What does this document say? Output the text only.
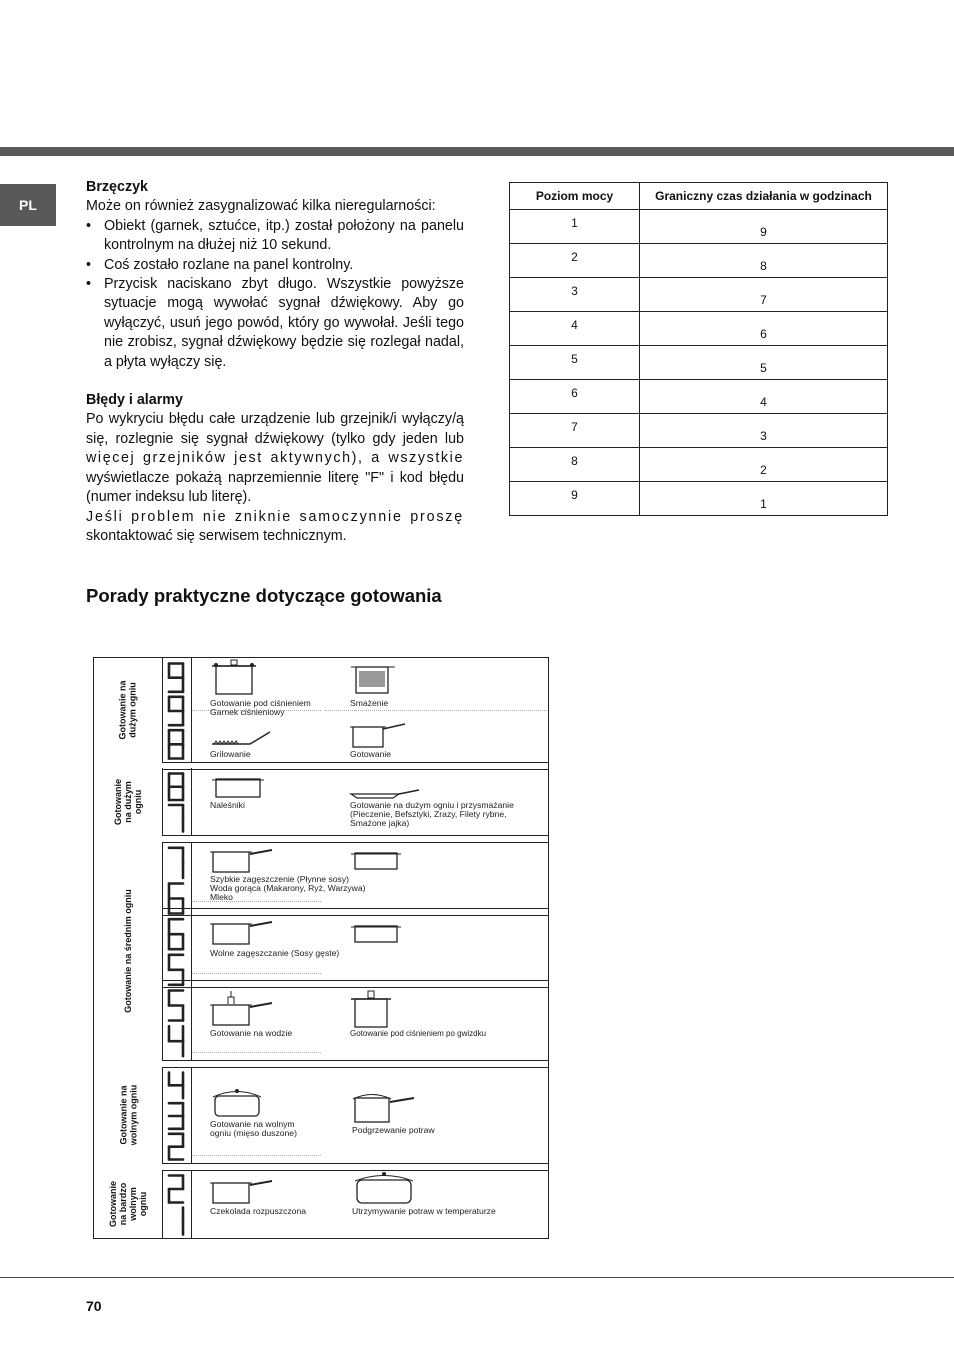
PL
Brzęczyk

Może on również zasygnalizować kilka nieregularności:

• Obiekt (garnek, sztućce, itp.) został położony na panelu kontrolnym na dłużej niż 10 sekund.
• Coś zostało rozlane na panel kontrolny.
• Przycisk naciskano zbyt długo. Wszystkie powyższe sytuacje mogą wywołać sygnał dźwiękowy. Aby go wyłączyć, usuń jego powód, który go wywołał. Jeśli tego nie zrobisz, sygnał dźwiękowy będzie się rozlegał nadal, a płyta wyłączy się.
Błędy i alarmy

Po wykryciu błędu całe urządzenie lub grzejnik/i wyłączy/ą się, rozlegnie się sygnał dźwiękowy (tylko gdy jeden lub więcej grzejników jest aktywnych), a wszystkie wyświetlacze pokażą naprzemiennie literę "F" i kod błędu (numer indeksu lub literę).

Jeśli problem nie zniknie samoczynnie proszę skontaktować się serwisem technicznym.

Poziom mocy	Graniczny czas działania w godzinach
1	9
2	8
3	7
4	6
5	5
6	4
7	3
8	2
9	1
Porady praktyczne dotyczące gotowania
Gotowanie na
dużym ogniu
Gotowanie
na dużym
ogniu
Gotowanie na średnim ogniu
Gotowanie na
wolnym ogniu
Gotowanie
na bardzo
wolnym
ogniu
Gotowanie pod ciśnieniem
Garnek ciśnieniowy
Smażenie
Grilowanie	Gotowanie
Naleśniki	Gotowanie na dużym ogniu i przysmażanie
(Pieczenie, Befsztyki, Zrazy, Filety rybne,
Smażone jajka)
Szybkie zagęszczenie (Płynne sosy)
Woda gorąca (Makarony, Ryż, Warzywa)
Mleko
Wolne zagęszczanie (Sosy gęste)
Gotowanie na wodzie	Gotowanie pod ciśnieniem po gwizdku
Gotowanie na wolnym
ogniu (mięso duszone)	Podgrzewanie potraw
Czekolada rozpuszczona	Utrzymywanie potraw w temperaturze
70
